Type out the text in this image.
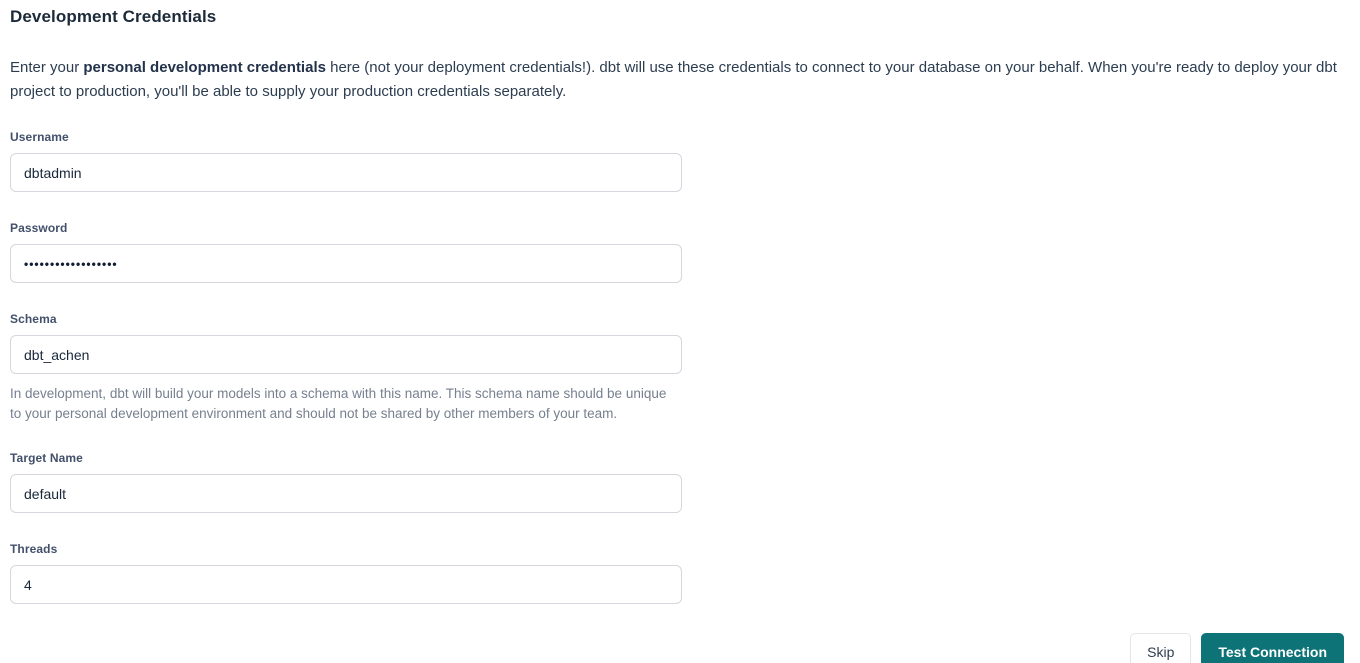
Development Credentials

Enter your personal development credentials here (not your deployment credentials!). dbt will use these credentials to connect to your database on your behalf. When you're ready to deploy your dbt project to production, you'll be able to supply your production credentials separately.

Username
dbtadmin
Password
••••••••••••••••••
Schema
dbt_achen

In development, dbt will build your models into a schema with this name. This schema name should be unique to your personal development environment and should not be shared by other members of your team.

Target Name
default
Threads
4
Skip	Test Connection
